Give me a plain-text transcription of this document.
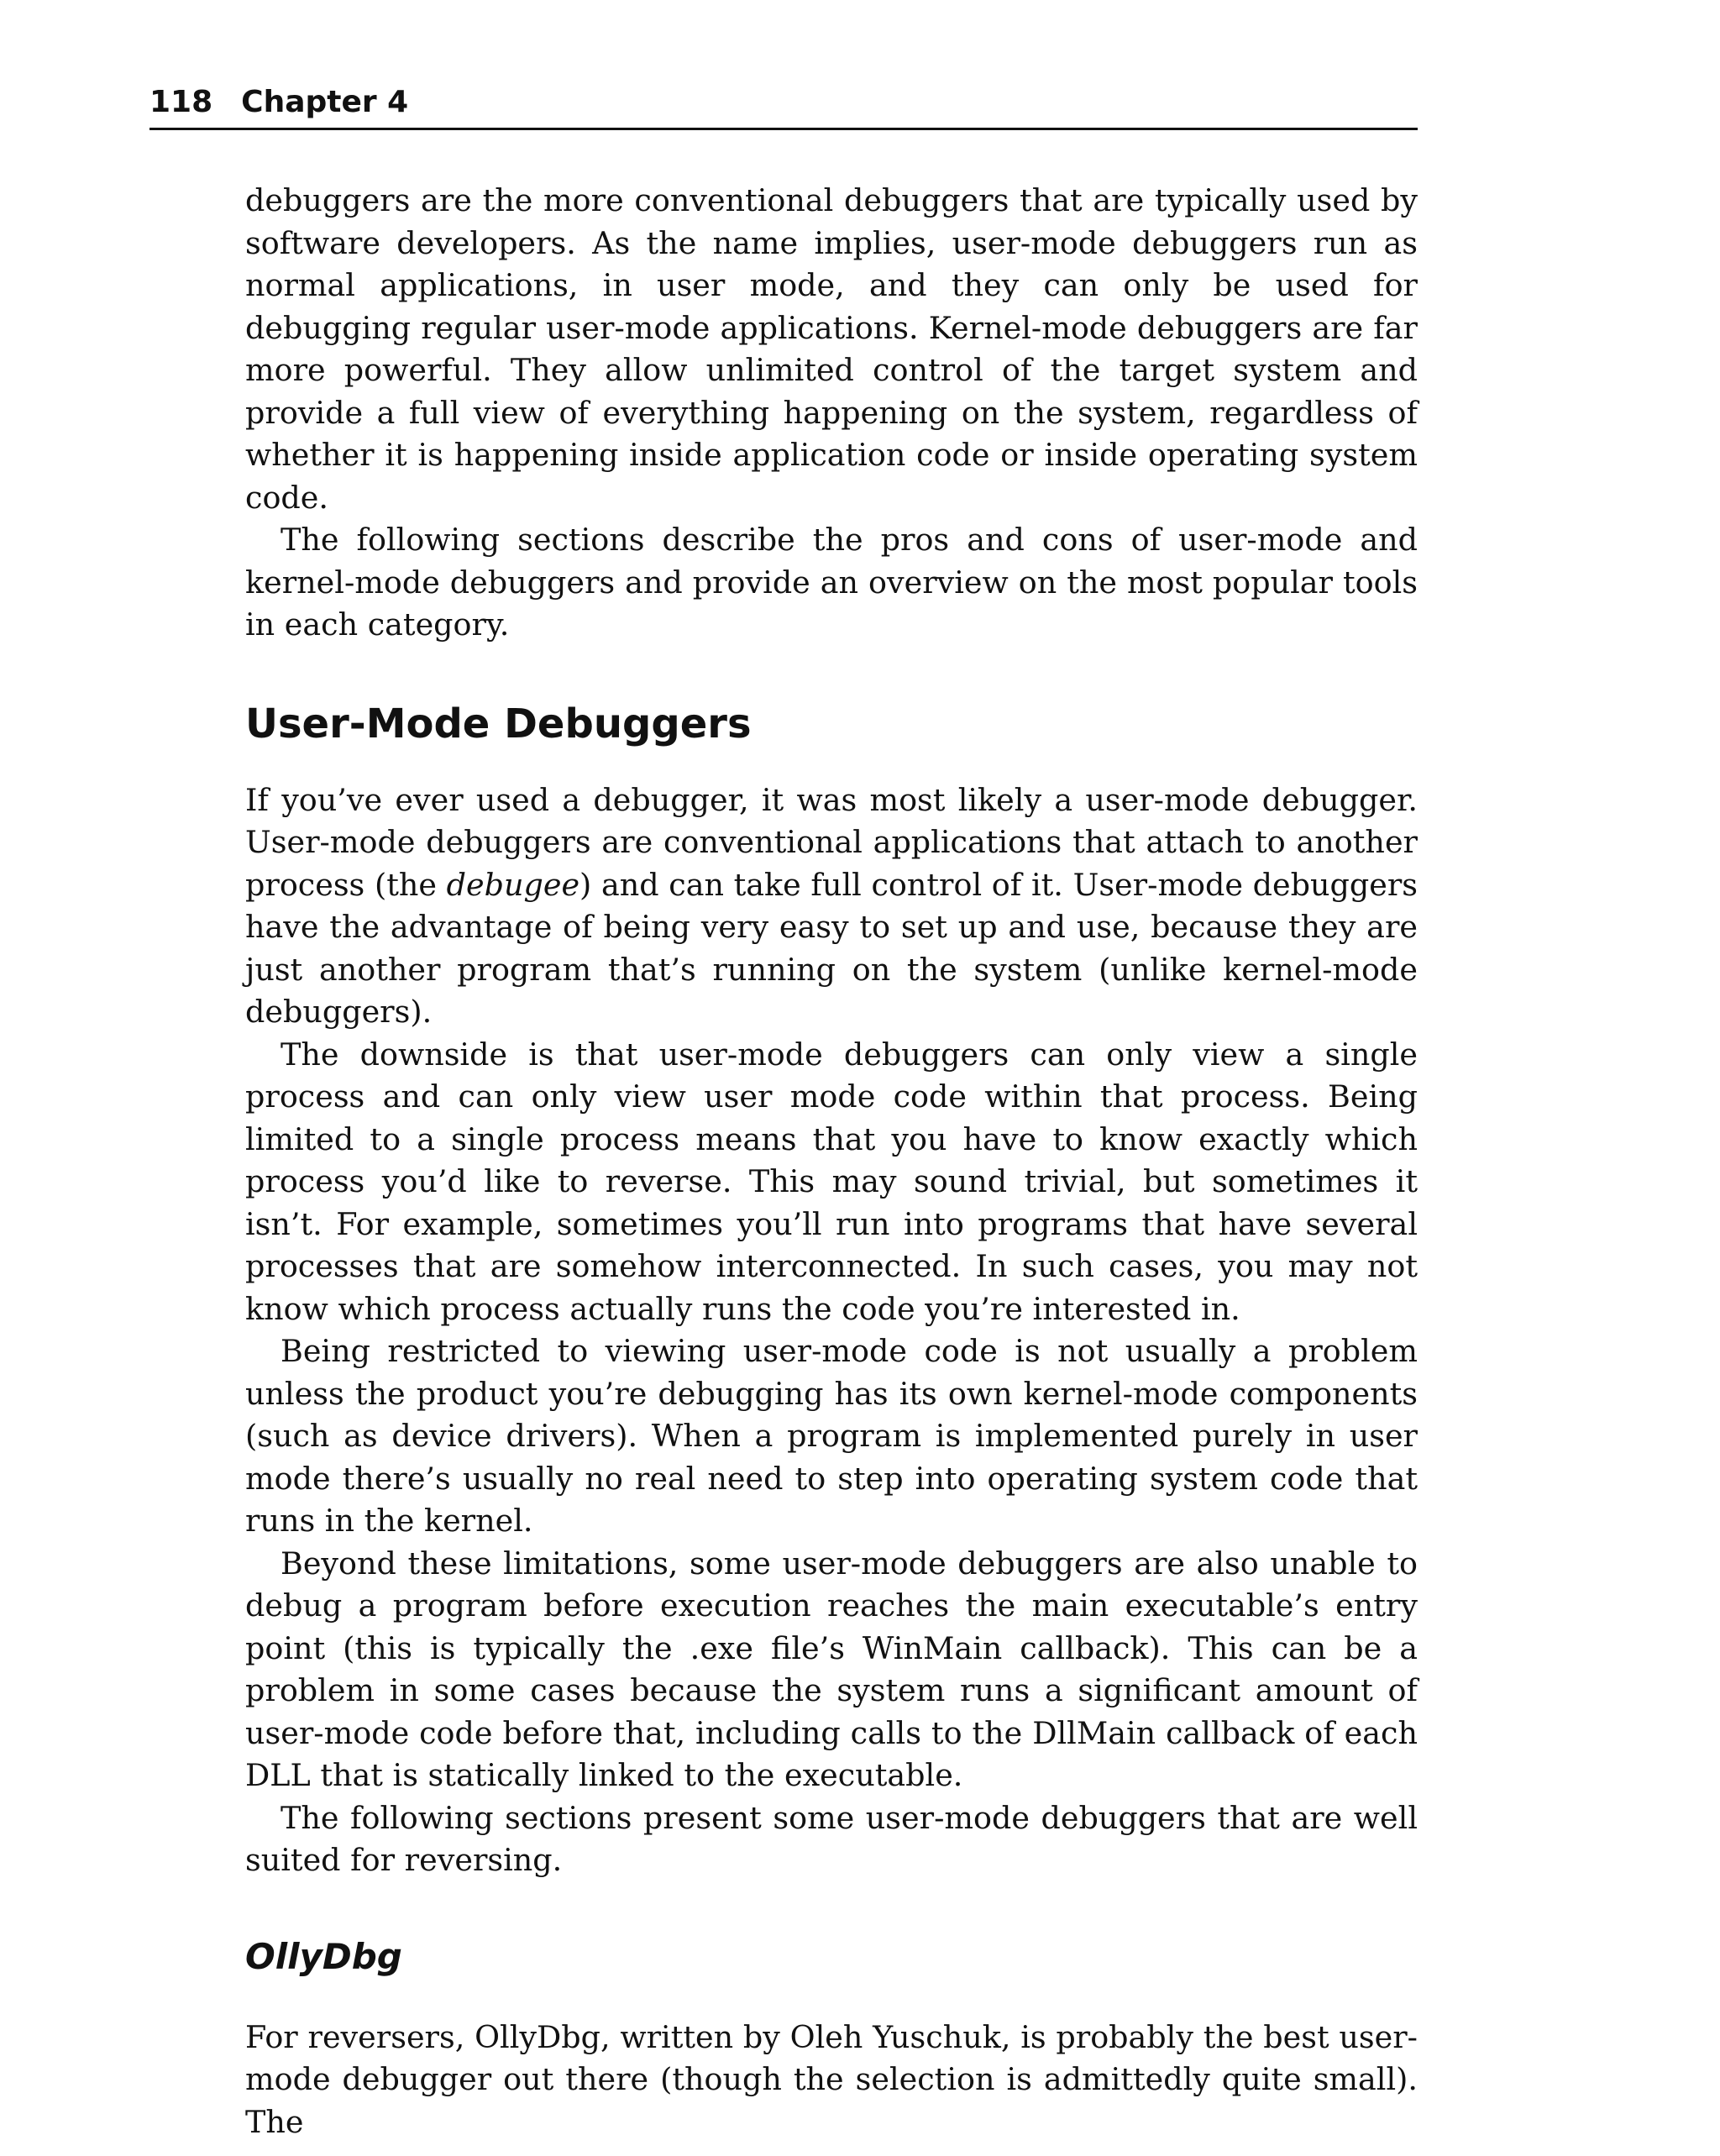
118 Chapter 4

debuggers are the more conventional debuggers that are typically used by software developers. As the name implies, user-mode debuggers run as normal applications, in user mode, and they can only be used for debugging regular user-mode applications. Kernel-mode debuggers are far more powerful. They allow unlimited control of the target system and provide a full view of everything happening on the system, regardless of whether it is happening inside application code or inside operating system code.

The following sections describe the pros and cons of user-mode and kernel-mode debuggers and provide an overview on the most popular tools in each category.

User-Mode Debuggers

If you’ve ever used a debugger, it was most likely a user-mode debugger. User-mode debuggers are conventional applications that attach to another process (the debugee) and can take full control of it. User-mode debuggers have the advantage of being very easy to set up and use, because they are just another program that’s running on the system (unlike kernel-mode debuggers).

The downside is that user-mode debuggers can only view a single process and can only view user mode code within that process. Being limited to a single process means that you have to know exactly which process you’d like to reverse. This may sound trivial, but sometimes it isn’t. For example, sometimes you’ll run into programs that have several processes that are somehow interconnected. In such cases, you may not know which process actually runs the code you’re interested in.

Being restricted to viewing user-mode code is not usually a problem unless the product you’re debugging has its own kernel-mode components (such as device drivers). When a program is implemented purely in user mode there’s usually no real need to step into operating system code that runs in the kernel.

Beyond these limitations, some user-mode debuggers are also unable to debug a program before execution reaches the main executable’s entry point (this is typically the .exe file’s WinMain callback). This can be a problem in some cases because the system runs a significant amount of user-mode code before that, including calls to the DllMain callback of each DLL that is statically linked to the executable.

The following sections present some user-mode debuggers that are well suited for reversing.

OllyDbg

For reversers, OllyDbg, written by Oleh Yuschuk, is probably the best user-mode debugger out there (though the selection is admittedly quite small). The
